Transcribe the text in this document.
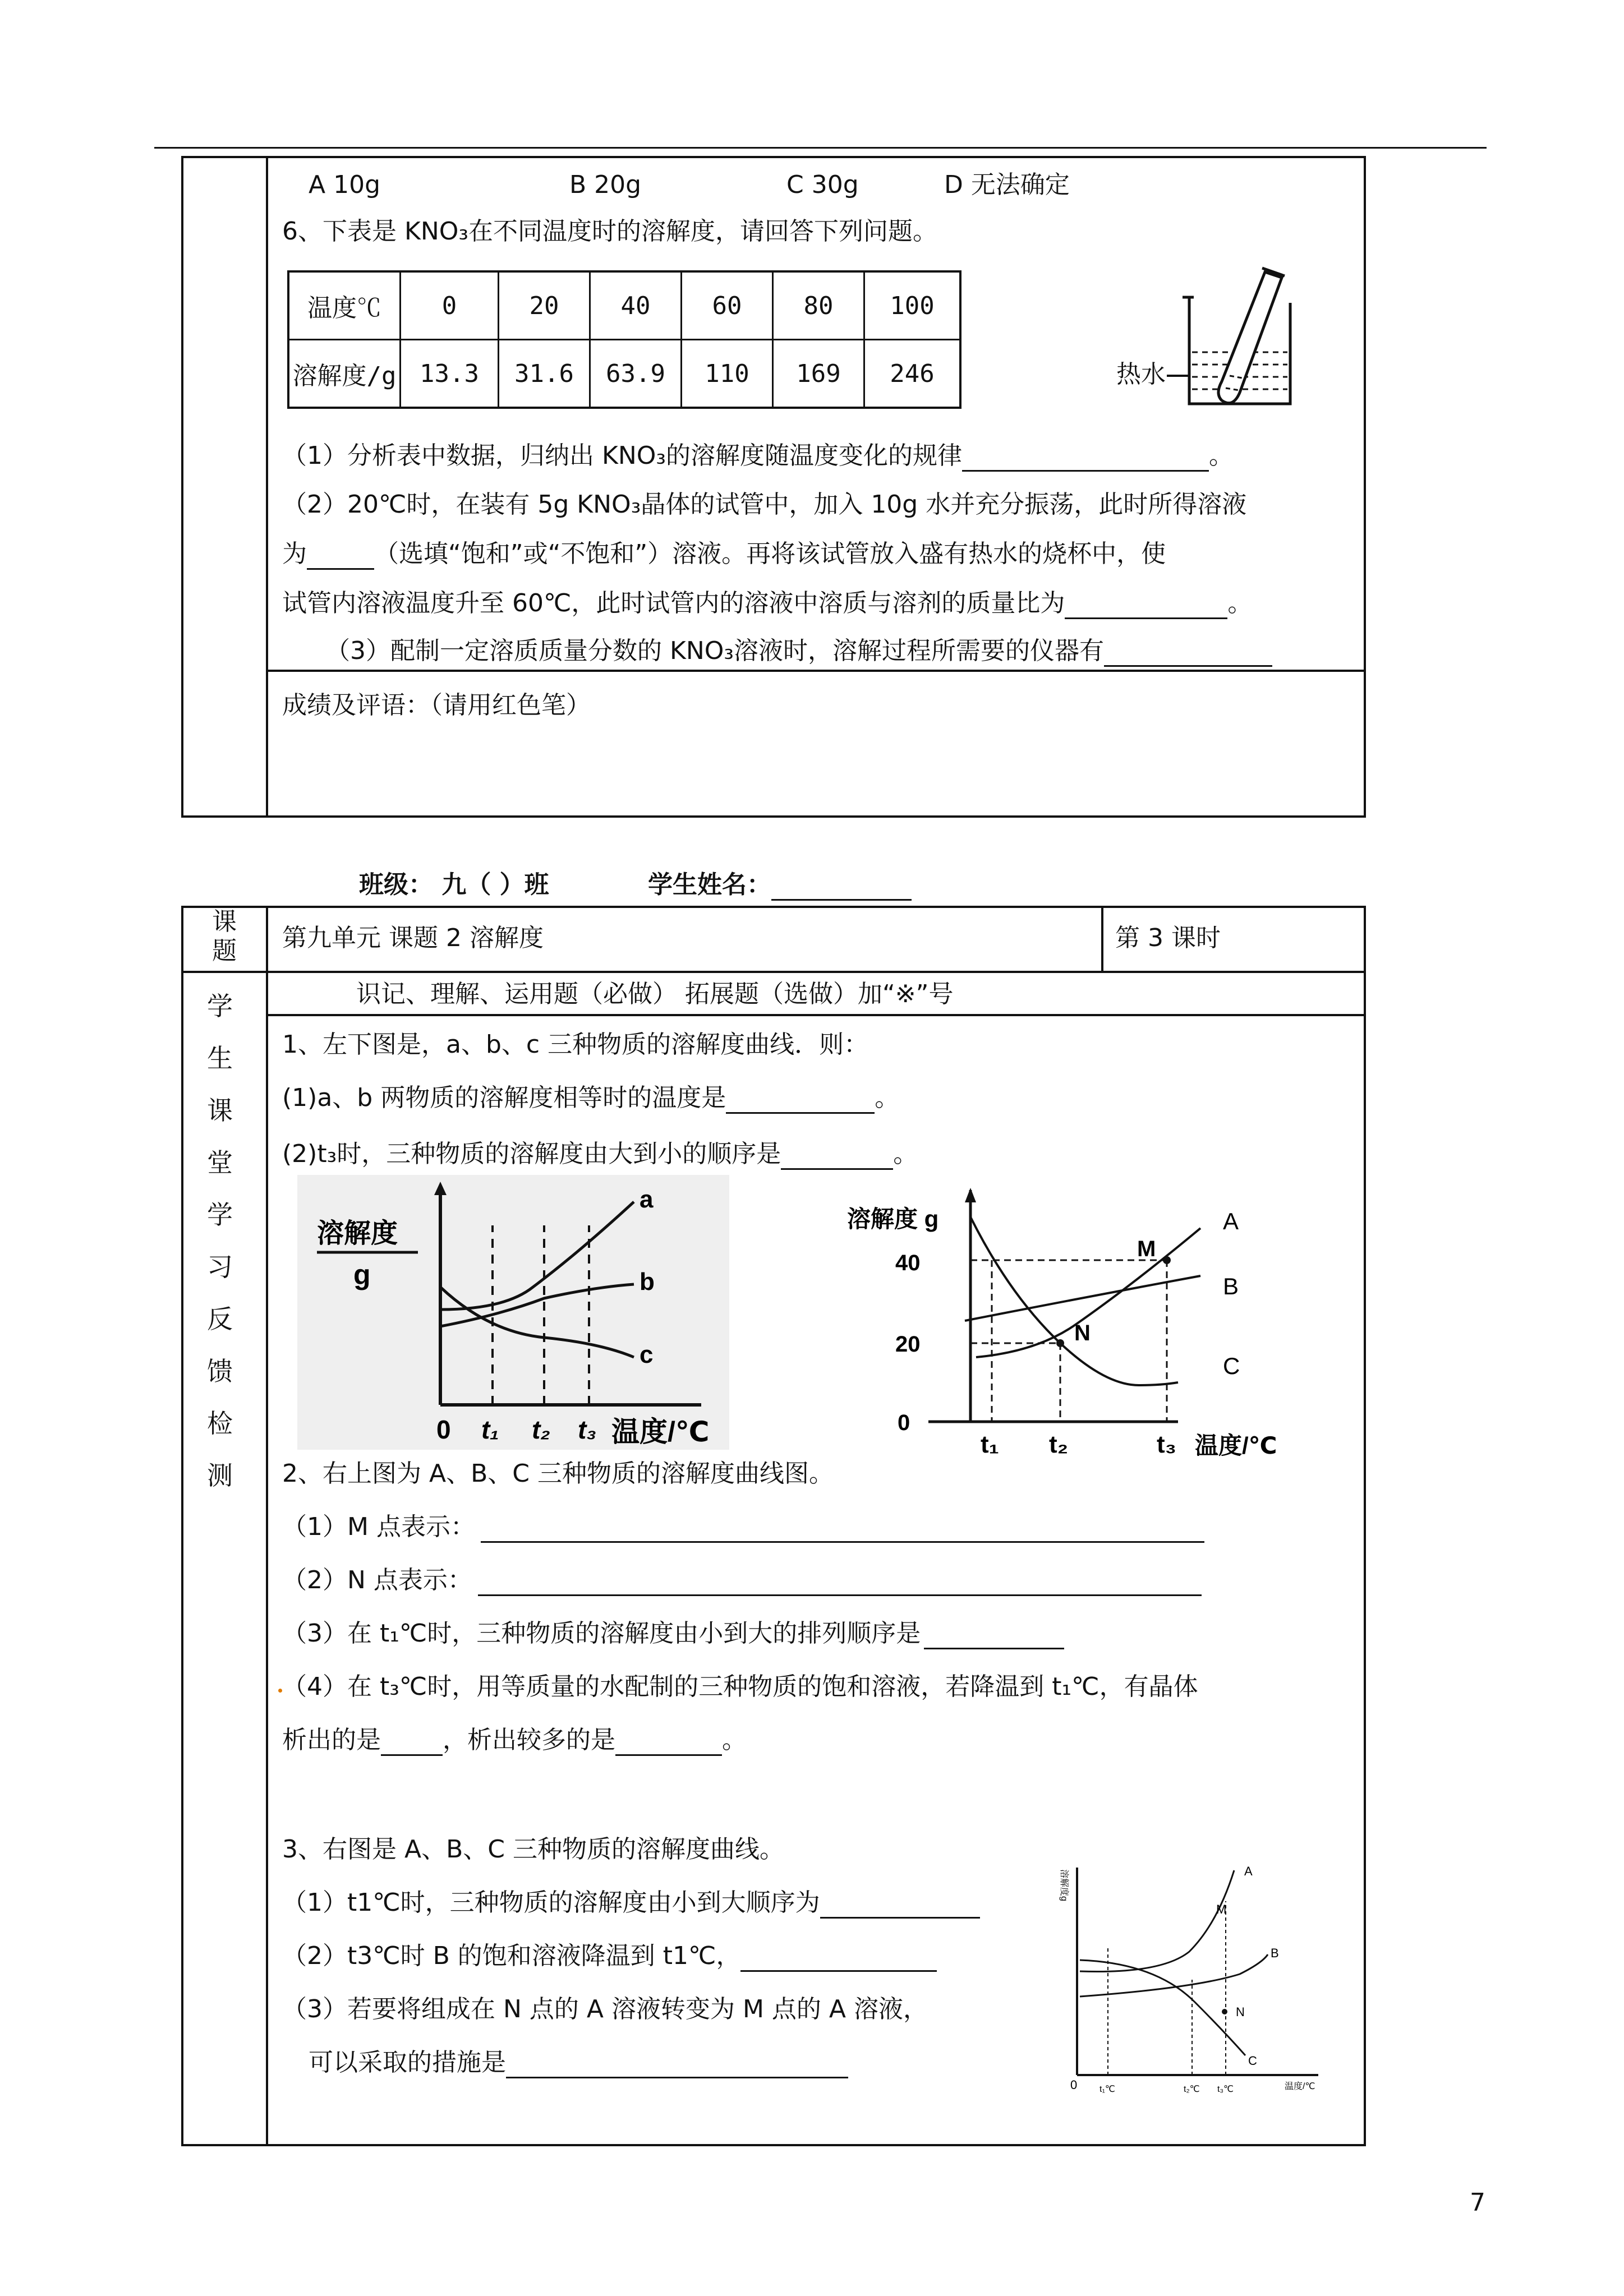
A 10g	B 20g	C 30g	D 无法确定
6、下表是 KNO₃在不同温度时的溶解度，请回答下列问题。
温度℃	0	20	40	60	80	100
溶解度/g	13.3	31.6	63.9	110	169	246	热水
（1）分析表中数据，归纳出 KNO₃的溶解度随温度变化的规律	。
（2）20℃时，在装有 5g KNO₃晶体的试管中，加入 10g 水并充分振荡，此时所得溶液
为	（选填“饱和”或“不饱和”）溶液。再将该试管放入盛有热水的烧杯中，使
试管内溶液温度升至 60℃，此时试管内的溶液中溶质与溶剂的质量比为	。
（3）配制一定溶质质量分数的 KNO₃溶液时，溶解过程所需要的仪器有
成绩及评语：（请用红色笔）
班级： 九（ ）班	学生姓名：
课
题	第九单元 课题 2 溶解度	第 3 课时
学
生
课
堂
学
习
反
馈
检
测
识记、理解、运用题（必做） 拓展题（选做）加“※”号
1、左下图是，a、b、c 三种物质的溶解度曲线．则：
(1)a、b 两物质的溶解度相等时的温度是	。
(2)t₃时，三种物质的溶解度由大到小的顺序是	。
溶解度
g
a
b
c
0 t₁ t₂ t₃ 温度/℃
溶解度 g
40
20
0
A
B
C
M
N
t₁ t₂	t₃ 温度/℃
2、右上图为 A、B、C 三种物质的溶解度曲线图。
（1）M 点表示：
（2）N 点表示：
（3）在 t₁℃时，三种物质的溶解度由小到大的排列顺序是
（4）在 t₃℃时，用等质量的水配制的三种物质的饱和溶液，若降温到 t₁℃，有晶体
析出的是	，析出较多的是	。
3、右图是 A、B、C 三种物质的溶解度曲线。
（1）t1℃时，三种物质的溶解度由小到大顺序为
（2）t3℃时 B 的饱和溶液降温到 t1℃，
（3）若要将组成在 N 点的 A 溶液转变为 M 点的 A 溶液，
可以采取的措施是
溶解度g	A
B
C
M
N
0 t₁℃	t₂℃ t₃℃	温度/℃
7
